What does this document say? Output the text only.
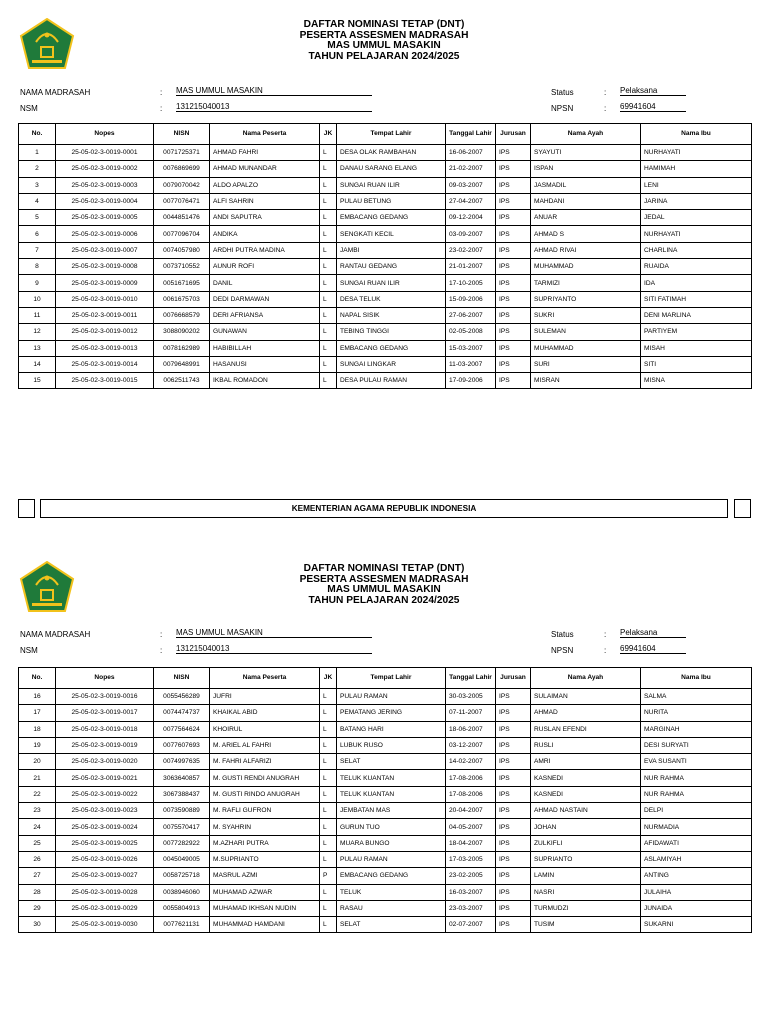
DAFTAR NOMINASI TETAP (DNT)
PESERTA ASSESMEN MADRASAH
MAS UMMUL MASAKIN
TAHUN PELAJARAN 2024/2025
NAMA MADRASAH	: MAS UMMUL MASAKIN
NSM	: 131215040013
Status	: Pelaksana
NPSN	: 69941604
No.	Nopes	NISN	Nama Peserta	JK	Tempat Lahir	Tanggal Lahir	Jurusan	Nama Ayah	Nama Ibu
1	25-05-02-3-0019-0001	0071725371	AHMAD FAHRI	L	DESA OLAK RAMBAHAN	16-06-2007	IPS	SYAYUTI	NURHAYATI
2	25-05-02-3-0019-0002	0076869699	AHMAD MUNANDAR	L	DANAU SARANG ELANG	21-02-2007	IPS	ISPAN	HAMIMAH
3	25-05-02-3-0019-0003	0079070042	ALDO APALZO	L	SUNGAI RUAN ILIR	09-03-2007	IPS	JASMADIL	LENI
4	25-05-02-3-0019-0004	0077076471	ALFI SAHRIN	L	PULAU BETUNG	27-04-2007	IPS	MAHDANI	JARINA
5	25-05-02-3-0019-0005	0044851476	ANDI SAPUTRA	L	EMBACANG GEDANG	09-12-2004	IPS	ANUAR	JEDAL
6	25-05-02-3-0019-0006	0077096704	ANDIKA	L	SENGKATI KECIL	03-09-2007	IPS	AHMAD S	NURHAYATI
7	25-05-02-3-0019-0007	0074057980	ARDHI PUTRA MADINA	L	JAMBI	23-02-2007	IPS	AHMAD RIVAI	CHARLINA
8	25-05-02-3-0019-0008	0073710552	AUNUR ROFI	L	RANTAU GEDANG	21-01-2007	IPS	MUHAMMAD	RUAIDA
9	25-05-02-3-0019-0009	0051671695	DANIL	L	SUNGAI RUAN ILIR	17-10-2005	IPS	TARMIZI	IDA
10	25-05-02-3-0019-0010	0061675703	DEDI DARMAWAN	L	DESA TELUK	15-09-2006	IPS	SUPRIYANTO	SITI FATIMAH
11	25-05-02-3-0019-0011	0076668579	DERI AFRIANSA	L	NAPAL SISIK	27-06-2007	IPS	SUKRI	DENI MARLINA
12	25-05-02-3-0019-0012	3088090202	GUNAWAN	L	TEBING TINGGI	02-05-2008	IPS	SULEMAN	PARTIYEM
13	25-05-02-3-0019-0013	0078162989	HABIBILLAH	L	EMBACANG GEDANG	15-03-2007	IPS	MUHAMMAD	MISAH
14	25-05-02-3-0019-0014	0079648991	HASANUSI	L	SUNGAI LINGKAR	11-03-2007	IPS	SURI	SITI
15	25-05-02-3-0019-0015	0062511743	IKBAL ROMADON	L	DESA PULAU RAMAN	17-09-2006	IPS	MISRAN	MISNA
KEMENTERIAN AGAMA REPUBLIK INDONESIA
DAFTAR NOMINASI TETAP (DNT)
PESERTA ASSESMEN MADRASAH
MAS UMMUL MASAKIN
TAHUN PELAJARAN 2024/2025
NAMA MADRASAH	: MAS UMMUL MASAKIN
NSM	: 131215040013
Status	: Pelaksana
NPSN	: 69941604
No.	Nopes	NISN	Nama Peserta	JK	Tempat Lahir	Tanggal Lahir	Jurusan	Nama Ayah	Nama Ibu
16	25-05-02-3-0019-0016	0055456289	JUFRI	L	PULAU RAMAN	30-03-2005	IPS	SULAIMAN	SALMA
17	25-05-02-3-0019-0017	0074474737	KHAIKAL ABID	L	PEMATANG JERING	07-11-2007	IPS	AHMAD	NURITA
18	25-05-02-3-0019-0018	0077564624	KHOIRUL	L	BATANG HARI	18-06-2007	IPS	RUSLAN EFENDI	MARGINAH
19	25-05-02-3-0019-0019	0077607693	M. ARIEL AL FAHRI	L	LUBUK RUSO	03-12-2007	IPS	RUSLI	DESI SURYATI
20	25-05-02-3-0019-0020	0074997635	M. FAHRI ALFARIZI	L	SELAT	14-02-2007	IPS	AMRI	EVA SUSANTI
21	25-05-02-3-0019-0021	3063640857	M. GUSTI RENDI ANUGRAH	L	TELUK KUANTAN	17-08-2006	IPS	KASNEDI	NUR RAHMA
22	25-05-02-3-0019-0022	3067388437	M. GUSTI RINDO ANUGRAH	L	TELUK KUANTAN	17-08-2006	IPS	KASNEDI	NUR RAHMA
23	25-05-02-3-0019-0023	0073590889	M. RAFLI GUFRON	L	JEMBATAN MAS	20-04-2007	IPS	AHMAD NASTAIN	DELPI
24	25-05-02-3-0019-0024	0075570417	M. SYAHRIN	L	GURUN TUO	04-05-2007	IPS	JOHAN	NURMADIA
25	25-05-02-3-0019-0025	0077282922	M.AZHARI PUTRA	L	MUARA BUNGO	18-04-2007	IPS	ZULKIFLI	AFIDAWATI
26	25-05-02-3-0019-0026	0045049005	M.SUPRIANTO	L	PULAU RAMAN	17-03-2005	IPS	SUPRIANTO	ASLAMIYAH
27	25-05-02-3-0019-0027	0058725718	MASRUL AZMI	P	EMBACANG GEDANG	23-02-2005	IPS	LAMIN	ANTING
28	25-05-02-3-0019-0028	0038946060	MUHAMAD AZWAR	L	TELUK	16-03-2007	IPS	NASRI	JULAIHA
29	25-05-02-3-0019-0029	0055804913	MUHAMAD IKHSAN NUDIN	L	RASAU	23-03-2007	IPS	TURMUDZI	JUNAIDA
30	25-05-02-3-0019-0030	0077621131	MUHAMMAD HAMDANI	L	SELAT	02-07-2007	IPS	TUSIM	SUKARNI
